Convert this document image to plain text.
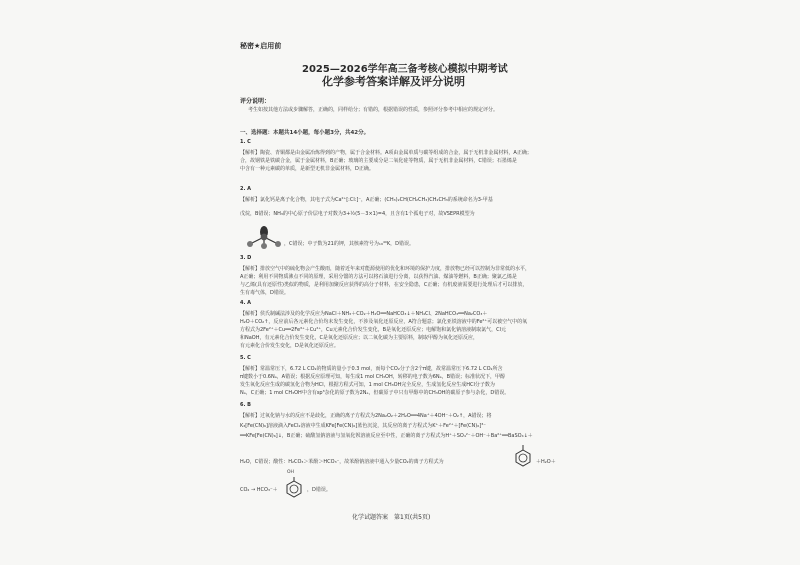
秘密★启用前

2025—2026学年高三备考核心模拟中期考试

化学参考答案详解及评分说明

评分说明：

考生如按其他方法或步骤解答，正确的，同样给分；有错的，根据错误的性质，参照评分参考中相应的规定评分。

一、选择题：本题共14小题，每小题3分，共42分。

1. C

【解析】陶瓷、青铜都是由金属冶炼得到的产物，属于合金材料。A项由金属单质与碳等组成的合金，属于无机非金属材料，A正确；

合，故钢铁是铁碳合金，属于金属材料，B正确；玻璃的主要成分是二氧化硅等物质，属于无机非金属材料，C错误；石墨烯是

中含有一种元素碳的单质，是新型无机非金属材料，D正确。

2. A

【解析】氯化钙是离子化合物，其电子式为Ca²⁺[:Cl:]⁻，A正确；(CH₃)₂CH(CH₂CH₃)CH₂CH₃的系统命名为3-甲基

戊烷，B错误；NH₃的中心原子价层电子对数为3+½(5－3×1)=4，且含有1个孤电子对，故VSEPR模型为

，C错误；中子数为21的钾，其核素符号为₁₉⁴⁰K，D错误。

3. D

【解析】排放空气中的硫化物会产生酸雨，随着近年来对能源使用的优化和环境的保护力度，排放物已经可以控制为非常低的水平，

A正确；利用不同物质沸点不同的原理，采用分馏的方法可以将石油进行分离，以获得汽油、煤油等燃料，B正确；聚氯乙烯是

与乙烯(具有还原性)类似的物质，是利用加聚反应获得的高分子材料，在安全隐患，C正确；有机废液需要进行处理后才可以排放，

生有毒气体，D错误。

4. A

【解析】侯氏制碱法涉及的化学反应为NaCl＋NH₃＋CO₂＋H₂O══NaHCO₃↓＋NH₄Cl、2NaHCO₃══Na₂CO₃＋

H₂O＋CO₂↑，反应前后各元素化合价均未发生变化，不涉及氧化还原反应，A符合题意；氯化亚铁溶液中的Fe²⁺可以被空气中的氧

方程式为2Fe²⁺＋Cu══2Fe³⁺＋Cu²⁺，Cu元素化合价发生变化，B是氧化还原反应；电解饱和氯化钠溶液制取氯气，Cl元

和NaOH，有元素化合价发生变化，C是氧化还原反应；以二氧化碳为主要原料，制取甲醇为氧化还原反应，

有元素化合价发生变化，D是氧化还原反应。

5. C

【解析】常温常压下，6.72 L CO₂的物质的量小于0.3 mol，而每个CO₂分子含2个π键，故常温常压下6.72 L CO₂所含

π键数小于0.6Nₐ，A错误；根据反应原理可知，每生成1 mol CH₃OH，转移的电子数为6Nₐ，B错误；标准状况下，甲醇

发生氧化反应生成的碳氢化合物为HCl，根据方程式可知，1 mol CH₃OH完全反应，生成氢化反应生成HCl分子数为

Nₐ，C正确；1 mol CH₃OH中含有sp³杂化的原子数为2Nₐ，但碳原子中只有甲醇中的CH₃OH的碳原子参与杂化，D错误。

6. B

【解析】过氧化钠与水的反应不是歧化，正确的离子方程式为2Na₂O₂＋2H₂O══4Na⁺＋4OH⁻＋O₂↑，A错误；将

K₃[Fe(CN)₆]溶液滴入FeCl₂溶液中生成KFe[Fe(CN)₆]蓝色沉淀，其反应的离子方程式为K⁺＋Fe²⁺＋[Fe(CN)₆]³⁻

══KFe[Fe(CN)₆]↓，B正确；硫酸氢钠溶液与氢氧化钡溶液反应至中性，正确的离子方程式为H⁺＋SO₄²⁻＋OH⁻＋Ba²⁺══BaSO₄↓＋

H₂O，C错误；酸性：H₂CO₃＞苯酚＞HCO₃⁻，故苯酚钠溶液中通入少量CO₂的离子方程式为	＋H₂O＋

CO₂ → HCO₃⁻＋

OH

，D错误。

化学试题答案　第1页(共5页)
